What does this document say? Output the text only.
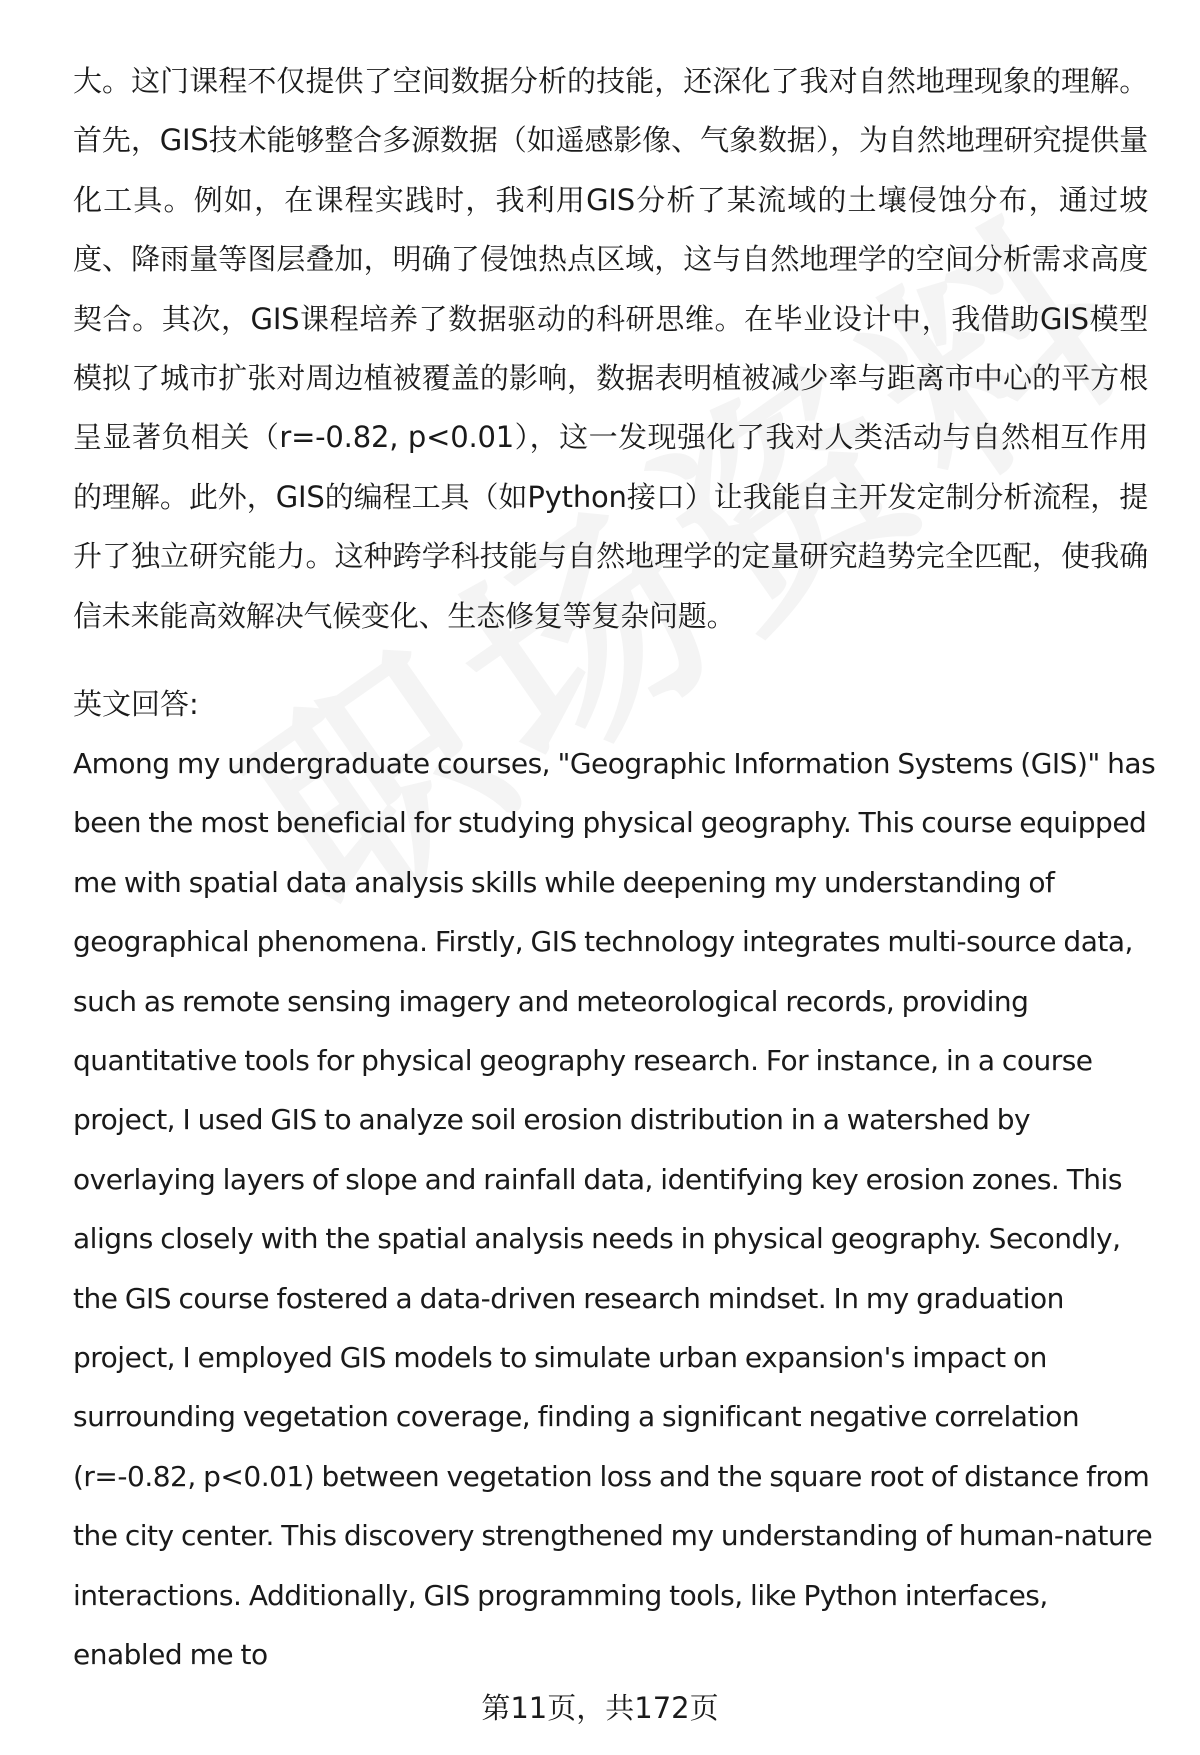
大。这门课程不仅提供了空间数据分析的技能，还深化了我对自然地理现象的理解。首先，GIS技术能够整合多源数据（如遥感影像、气象数据），为自然地理研究提供量化工具。例如，在课程实践时，我利用GIS分析了某流域的土壤侵蚀分布，通过坡度、降雨量等图层叠加，明确了侵蚀热点区域，这与自然地理学的空间分析需求高度契合。其次，GIS课程培养了数据驱动的科研思维。在毕业设计中，我借助GIS模型模拟了城市扩张对周边植被覆盖的影响，数据表明植被减少率与距离市中心的平方根呈显著负相关（r=-0.82, p<0.01），这一发现强化了我对人类活动与自然相互作用的理解。此外，GIS的编程工具（如Python接口）让我能自主开发定制分析流程，提升了独立研究能力。这种跨学科技能与自然地理学的定量研究趋势完全匹配，使我确信未来能高效解决气候变化、生态修复等复杂问题。

英文回答:

Among my undergraduate courses, "Geographic Information Systems (GIS)" has been the most beneficial for studying physical geography. This course equipped me with spatial data analysis skills while deepening my understanding of geographical phenomena. Firstly, GIS technology integrates multi-source data, such as remote sensing imagery and meteorological records, providing quantitative tools for physical geography research. For instance, in a course project, I used GIS to analyze soil erosion distribution in a watershed by overlaying layers of slope and rainfall data, identifying key erosion zones. This aligns closely with the spatial analysis needs in physical geography. Secondly, the GIS course fostered a data-driven research mindset. In my graduation project, I employed GIS models to simulate urban expansion's impact on surrounding vegetation coverage, finding a significant negative correlation (r=-0.82, p<0.01) between vegetation loss and the square root of distance from the city center. This discovery strengthened my understanding of human-nature interactions. Additionally, GIS programming tools, like Python interfaces, enabled me to

第11页，共172页
